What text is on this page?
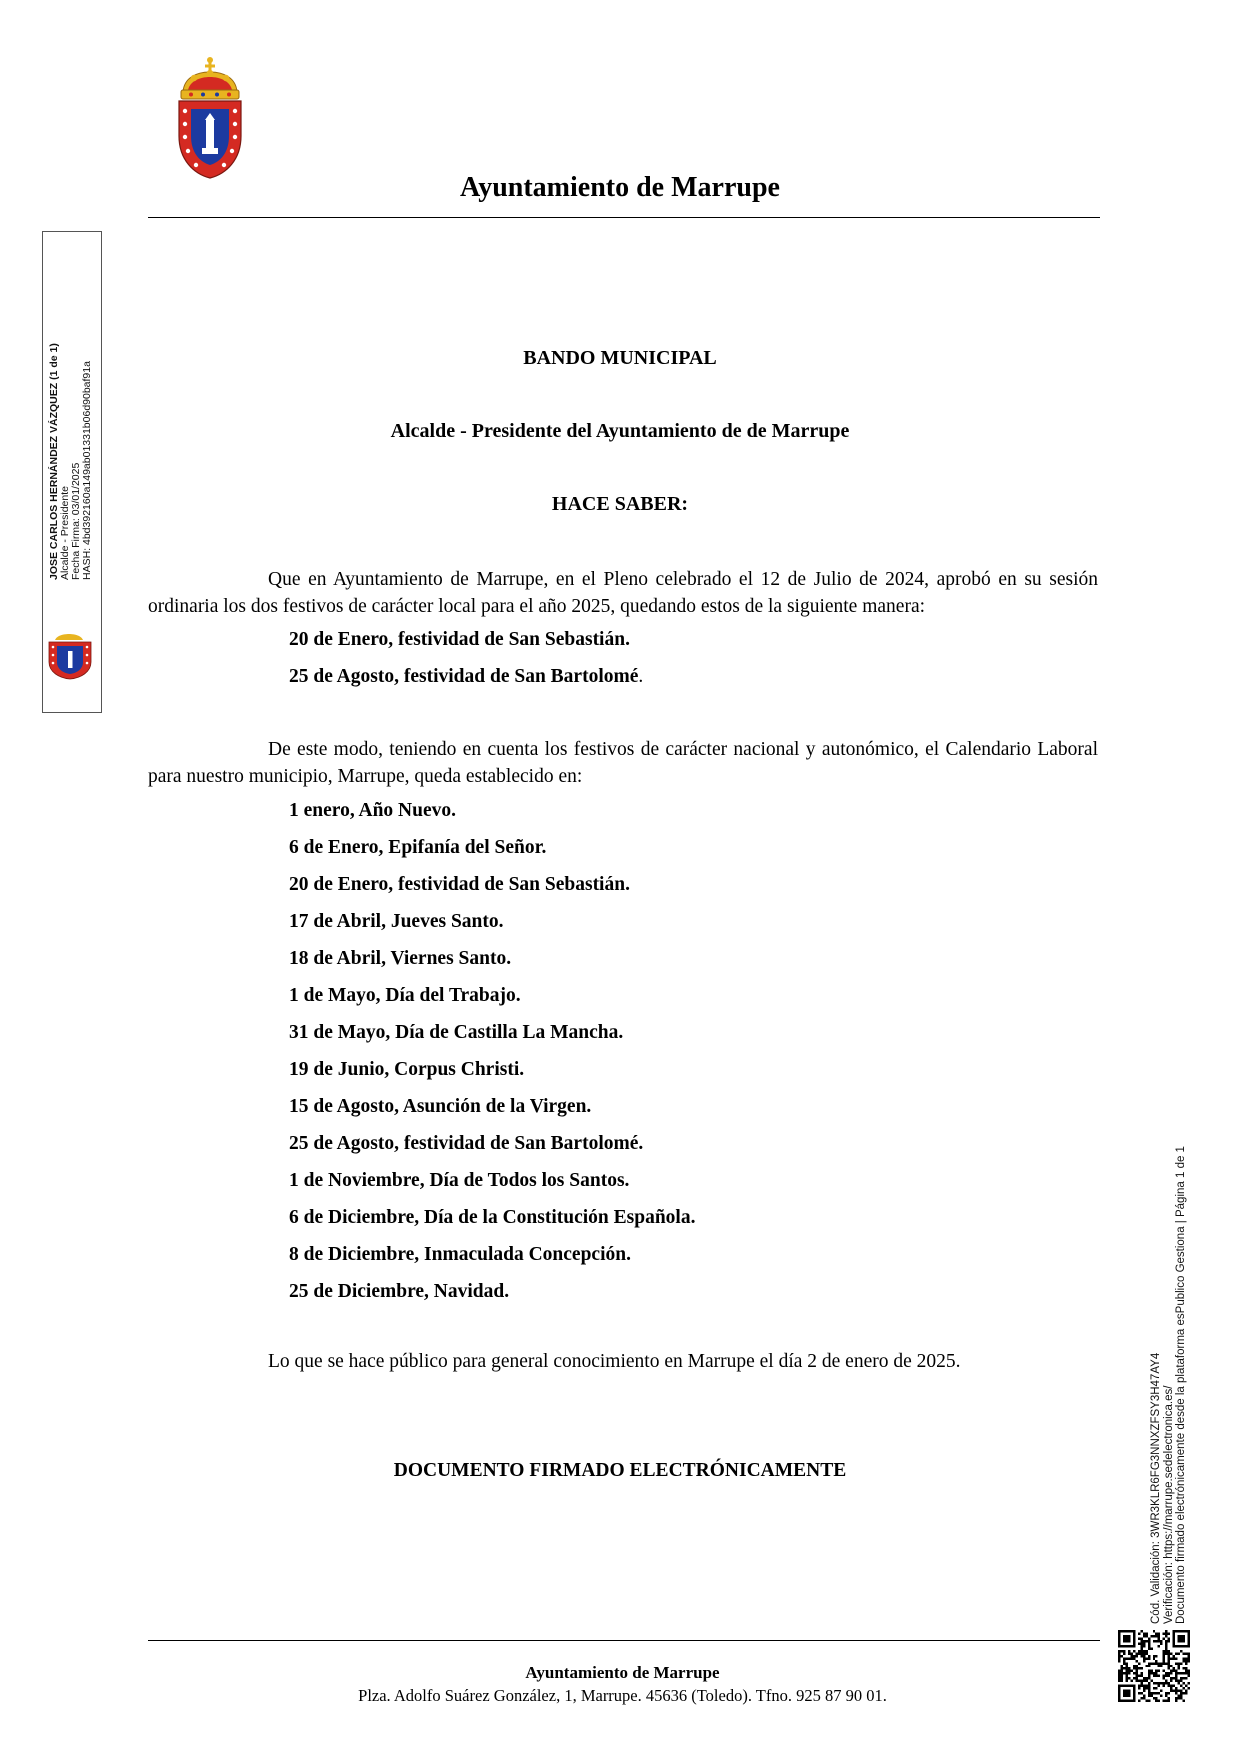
Ayuntamiento de Marrupe
JOSE CARLOS HERNÁNDEZ VÁZQUEZ (1 de 1) Alcalde - Presidente Fecha Firma: 03/01/2025 HASH: 4bd392160a149ab01331b06d90baf91a
BANDO MUNICIPAL
Alcalde - Presidente del Ayuntamiento de de Marrupe
HACE SABER:
Que en Ayuntamiento de Marrupe, en el Pleno celebrado el 12 de Julio de 2024, aprobó en su sesión ordinaria los dos festivos de carácter local para el año 2025, quedando estos de la siguiente manera:
20 de Enero, festividad de San Sebastián.
25 de Agosto, festividad de San Bartolomé.
De este modo, teniendo en cuenta los festivos de carácter nacional y autonómico, el Calendario Laboral para nuestro municipio, Marrupe, queda establecido en:
1 enero, Año Nuevo.
6 de Enero, Epifanía del Señor.
20 de Enero, festividad de San Sebastián.
17 de Abril, Jueves Santo.
18 de Abril, Viernes Santo.
1 de Mayo, Día del Trabajo.
31 de Mayo, Día de Castilla La Mancha.
19 de Junio, Corpus Christi.
15 de Agosto, Asunción de la Virgen.
25 de Agosto, festividad de San Bartolomé.
1 de Noviembre, Día de Todos los Santos.
6 de Diciembre, Día de la Constitución Española.
8 de Diciembre, Inmaculada Concepción.
25 de Diciembre, Navidad.
Lo que se hace público para general conocimiento en Marrupe el día 2 de enero de 2025.
DOCUMENTO FIRMADO ELECTRÓNICAMENTE
Ayuntamiento de Marrupe
Plza. Adolfo Suárez González, 1, Marrupe. 45636 (Toledo). Tfno. 925 87 90 01.
Cód. Validación: 3WR3KLR6FG3NNXZFSY3H47AY4 Verificación: https://marrupe.sedelectronica.es/ Documento firmado electrónicamente desde la plataforma esPublico Gestiona | Página 1 de 1
